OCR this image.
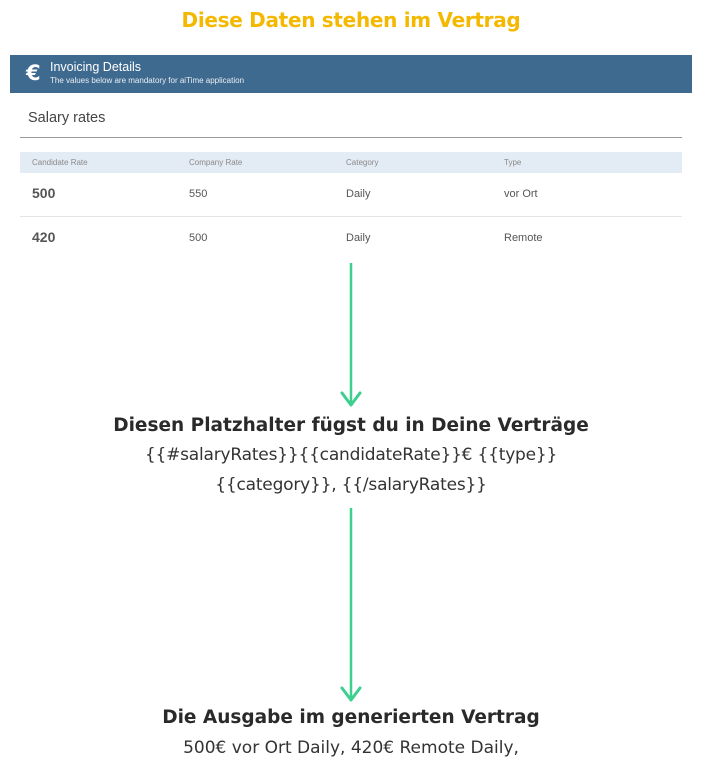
Diese Daten stehen im Vertrag
€ Invoicing Details
The values below are mandatory for aiTime application
Salary rates
Candidate Rate	Company Rate	Category	Type
500	550	Daily	vor Ort
420	500	Daily	Remote
Diesen Platzhalter fügst du in Deine Verträge
{{#salaryRates}}{{candidateRate}}€ {{type}}
{{category}}, {{/salaryRates}}
Die Ausgabe im generierten Vertrag
500€ vor Ort Daily, 420€ Remote Daily,
